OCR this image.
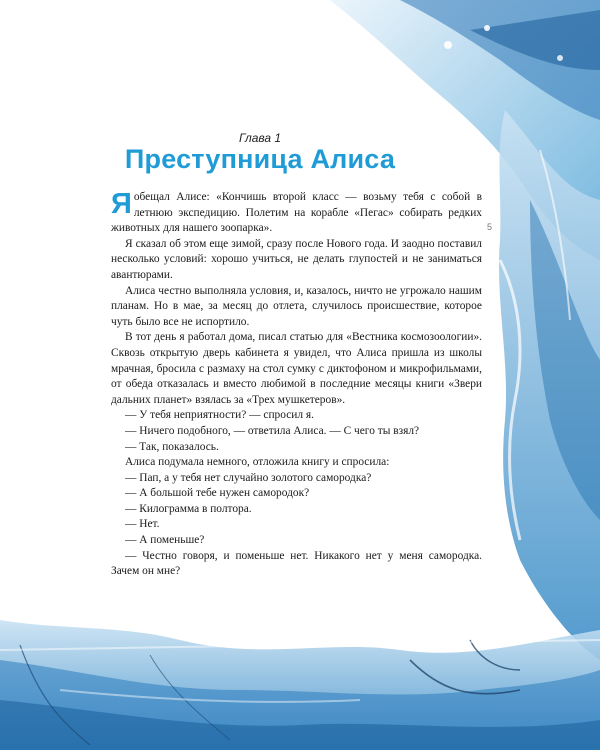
Глава 1
Преступница Алиса
5

Яобещал Алисе: «Кончишь второй класс — возьму тебя с собой в летнюю экспедицию. Полетим на корабле «Пегас» собирать редких животных для нашего зоопарка».

Я сказал об этом еще зимой, сразу после Нового года. И заодно поставил несколько условий: хорошо учиться, не делать глупостей и не заниматься авантюрами.

Алиса честно выполняла условия, и, казалось, ничто не угрожало нашим планам. Но в мае, за месяц до отлета, случилось происшествие, которое чуть было все не испортило.

В тот день я работал дома, писал статью для «Вестника космозоологии». Сквозь открытую дверь кабинета я увидел, что Алиса пришла из школы мрачная, бросила с размаху на стол сумку с диктофоном и микрофильмами, от обеда отказалась и вместо любимой в последние месяцы книги «Звери дальних планет» взялась за «Трех мушкетеров».

— У тебя неприятности? — спросил я.

— Ничего подобного, — ответила Алиса. — С чего ты взял?

— Так, показалось.

Алиса подумала немного, отложила книгу и спросила:

— Пап, а у тебя нет случайно золотого самородка?

— А большой тебе нужен самородок?

— Килограмма в полтора.

— Нет.

— А поменьше?

— Честно говоря, и поменьше нет. Никакого нет у меня самородка. Зачем он мне?
